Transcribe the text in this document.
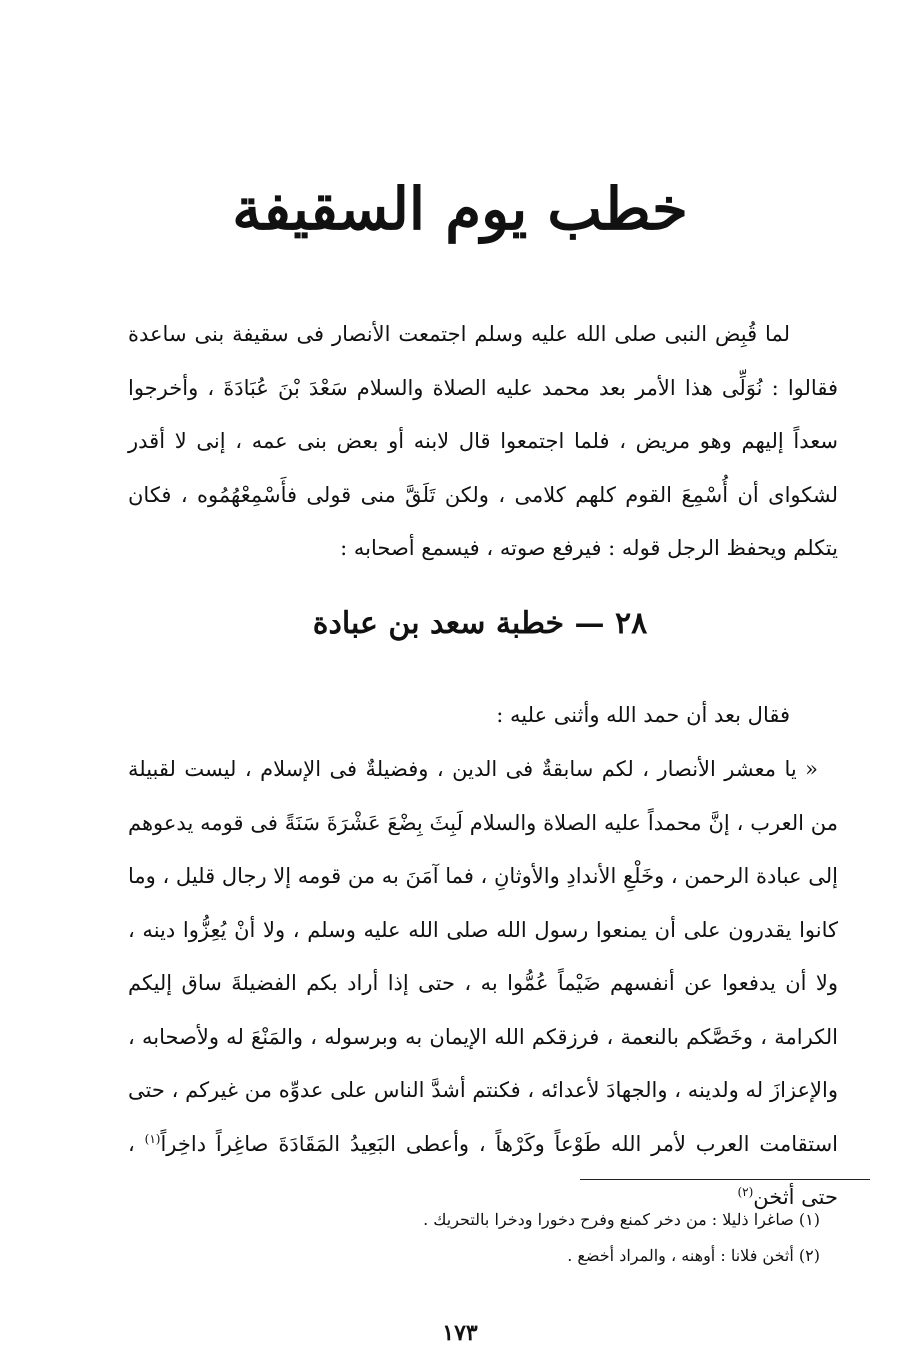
خطب يوم السقيفة

لما قُبِض النبى صلى الله عليه وسلم اجتمعت الأنصار فى سقيفة بنى ساعدة فقالوا : نُوَلِّى هذا الأمر بعد محمد عليه الصلاة والسلام سَعْدَ بْنَ عُبَادَةَ ، وأخرجوا سعداً إليهم وهو مريض ، فلما اجتمعوا قال لابنه أو بعض بنى عمه ، إنى لا أقدر لشكواى أن أُسْمِعَ القوم كلهم كلامى ، ولكن تَلَقَّ منى قولى فأَسْمِعْهُمُوه ، فكان يتكلم ويحفظ الرجل قوله : فيرفع صوته ، فيسمع أصحابه :

٢٨ — خطبة سعد بن عبادة

فقال بعد أن حمد الله وأثنى عليه :

« يا معشر الأنصار ، لكم سابقةٌ فى الدين ، وفضيلةٌ فى الإسلام ، ليست لقبيلة من العرب ، إنَّ محمداً عليه الصلاة والسلام لَبِثَ بِضْعَ عَشْرَةَ سَنَةً فى قومه يدعوهم إلى عبادة الرحمن ، وخَلْعِ الأندادِ والأوثانِ ، فما آمَنَ به من قومه إلا رجال قليل ، وما كانوا يقدرون على أن يمنعوا رسول الله صلى الله عليه وسلم ، ولا أنْ يُعِزُّوا دينه ، ولا أن يدفعوا عن أنفسهم ضَيْماً عُمُّوا به ، حتى إذا أراد بكم الفضيلةَ ساق إليكم الكرامة ، وخَصَّكم بالنعمة ، فرزقكم الله الإيمان به وبرسوله ، والمَنْعَ له ولأصحابه ، والإعزازَ له ولدينه ، والجهادَ لأعدائه ، فكنتم أشدَّ الناس على عدوِّه من غيركم ، حتى استقامت العرب لأمر الله طَوْعاً وكَرْهاً ، وأعطى البَعِيدُ المَقَادَةَ صاغِراً داخِراً$^{(١)}$ ، حتى أثخن$^{(٢)}$

(١) صاغرا ذليلا : من دخر كمنع وفرح دخورا ودخرا بالتحريك .
(٢) أثخن فلانا : أوهنه ، والمراد أخضع .
١٧٣
